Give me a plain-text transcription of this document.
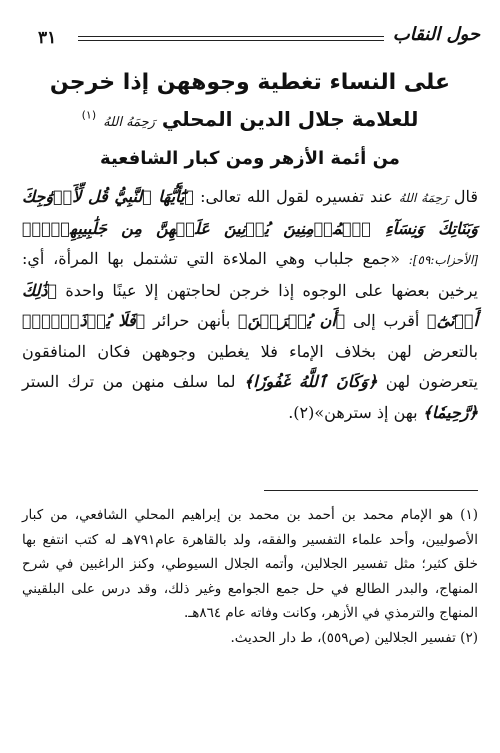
٣١	حول النقاب
على النساء تغطية وجوههن إذا خرجن
للعلامة جلال الدين المحلي رَحِمَهُ اللهُ $^{(١)}$
من أئمة الأزهر ومن كبار الشافعية
قال رَحِمَهُ اللهُ عند تفسيره لقول الله تعالى: ﴿يَٰٓأَيُّهَا ٱلنَّبِيُّ قُل لِّأَزۡوَٰجِكَ وَبَنَاتِكَ وَنِسَآءِ ٱلۡمُؤۡمِنِينَ يُدۡنِينَ عَلَيۡهِنَّ مِن جَلَٰبِيبِهِنَّۚ﴾ [الأحزاب:٥٩]: «جمع جلباب وهي الملاءة التي تشتمل بها المرأة، أي: يرخين بعضها على الوجوه إذا خرجن لحاجتهن إلا عينًا واحدة ﴿ذَٰلِكَ أَدۡنَىٰٓ﴾ أقرب إلى ﴿أَن يُعۡرَفۡنَ﴾ بأنهن حرائر ﴿فَلَا يُؤۡذَيۡنَۗ﴾ بالتعرض لهن بخلاف الإماء فلا يغطين وجوههن فكان المنافقون يتعرضون لهن ﴿وَكَانَ ٱللَّهُ غَفُورٗا﴾ لما سلف منهن من ترك الستر ﴿رَّحِيمٗا﴾ بهن إذ سترهن»(٢).

(١) هو الإمام محمد بن أحمد بن محمد بن إبراهيم المحلي الشافعي، من كبار الأصوليين، وأحد علماء التفسير والفقه، ولد بالقاهرة عام٧٩١هـ له كتب انتفع بها خلق كثير؛ مثل تفسير الجلالين، وأتمه الجلال السيوطي، وكنز الراغبين في شرح المنهاج، والبدر الطالع في حل جمع الجوامع وغير ذلك، وقد درس على البلقيني المنهاج والترمذي في الأزهر، وكانت وفاته عام ٨٦٤هـ.

(٢) تفسير الجلالين (ص٥٥٩)، ط دار الحديث.
